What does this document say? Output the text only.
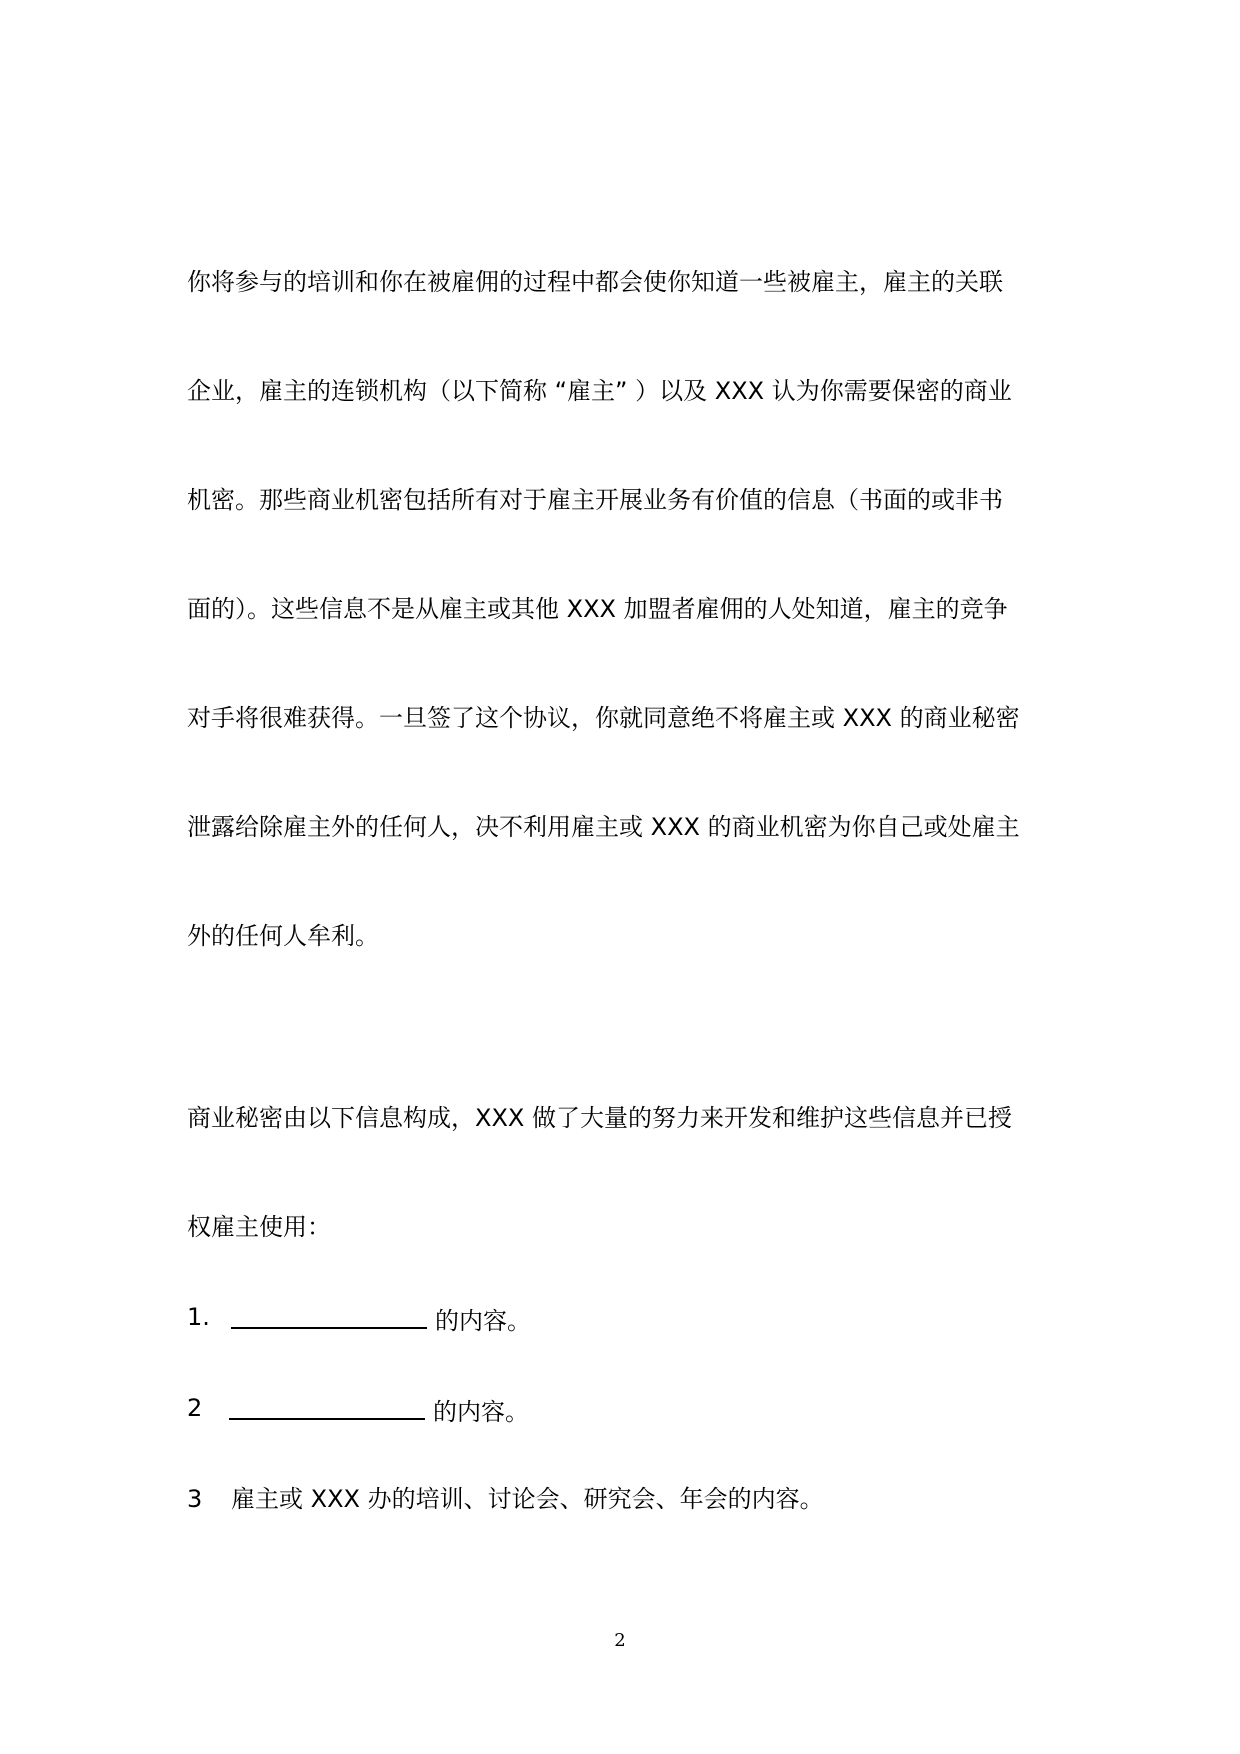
你将参与的培训和你在被雇佣的过程中都会使你知道一些被雇主，雇主的关联
企业，雇主的连锁机构（以下简称 “雇主” ）以及 XXX 认为你需要保密的商业
机密。那些商业机密包括所有对于雇主开展业务有价值的信息（书面的或非书
面的）。这些信息不是从雇主或其他 XXX 加盟者雇佣的人处知道，雇主的竞争
对手将很难获得。一旦签了这个协议，你就同意绝不将雇主或 XXX 的商业秘密
泄露给除雇主外的任何人，决不利用雇主或 XXX 的商业机密为你自己或处雇主
外的任何人牟利。
商业秘密由以下信息构成，XXX 做了大量的努力来开发和维护这些信息并已授
权雇主使用：
1.	的内容。
2	的内容。
3 雇主或 XXX 办的培训、讨论会、研究会、年会的内容。
2
